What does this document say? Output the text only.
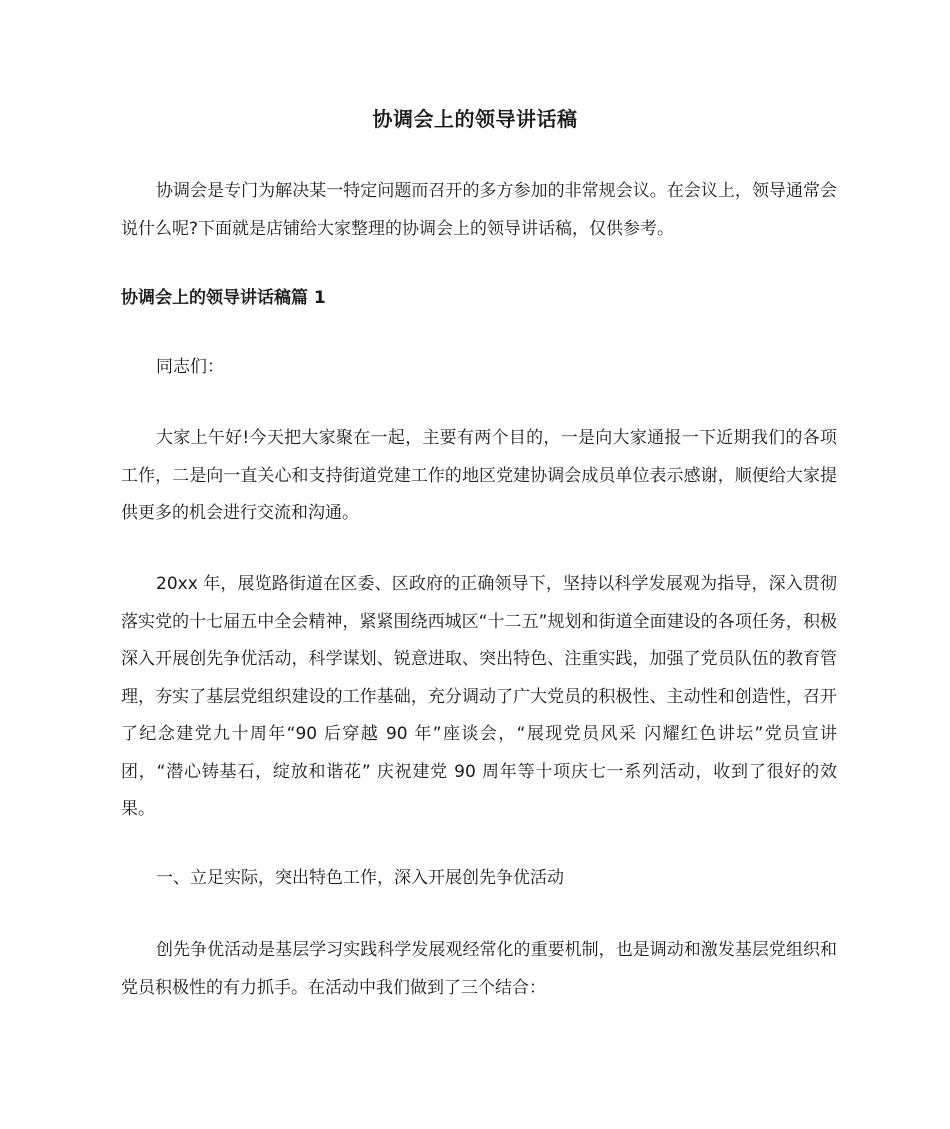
协调会上的领导讲话稿

协调会是专门为解决某一特定问题而召开的多方参加的非常规会议。在会议上，领导通常会说什么呢?下面就是店铺给大家整理的协调会上的领导讲话稿，仅供参考。

协调会上的领导讲话稿篇 1

同志们：

大家上午好!今天把大家聚在一起，主要有两个目的，一是向大家通报一下近期我们的各项工作，二是向一直关心和支持街道党建工作的地区党建协调会成员单位表示感谢，顺便给大家提供更多的机会进行交流和沟通。

20xx 年，展览路街道在区委、区政府的正确领导下，坚持以科学发展观为指导，深入贯彻落实党的十七届五中全会精神，紧紧围绕西城区“十二五”规划和街道全面建设的各项任务，积极深入开展创先争优活动，科学谋划、锐意进取、突出特色、注重实践，加强了党员队伍的教育管理，夯实了基层党组织建设的工作基础，充分调动了广大党员的积极性、主动性和创造性，召开了纪念建党九十周年“90 后穿越 90 年”座谈会，“展现党员风采 闪耀红色讲坛”党员宣讲团，“潜心铸基石，绽放和谐花” 庆祝建党 90 周年等十项庆七一系列活动，收到了很好的效果。

一、立足实际，突出特色工作，深入开展创先争优活动

创先争优活动是基层学习实践科学发展观经常化的重要机制，也是调动和激发基层党组织和党员积极性的有力抓手。在活动中我们做到了三个结合：
